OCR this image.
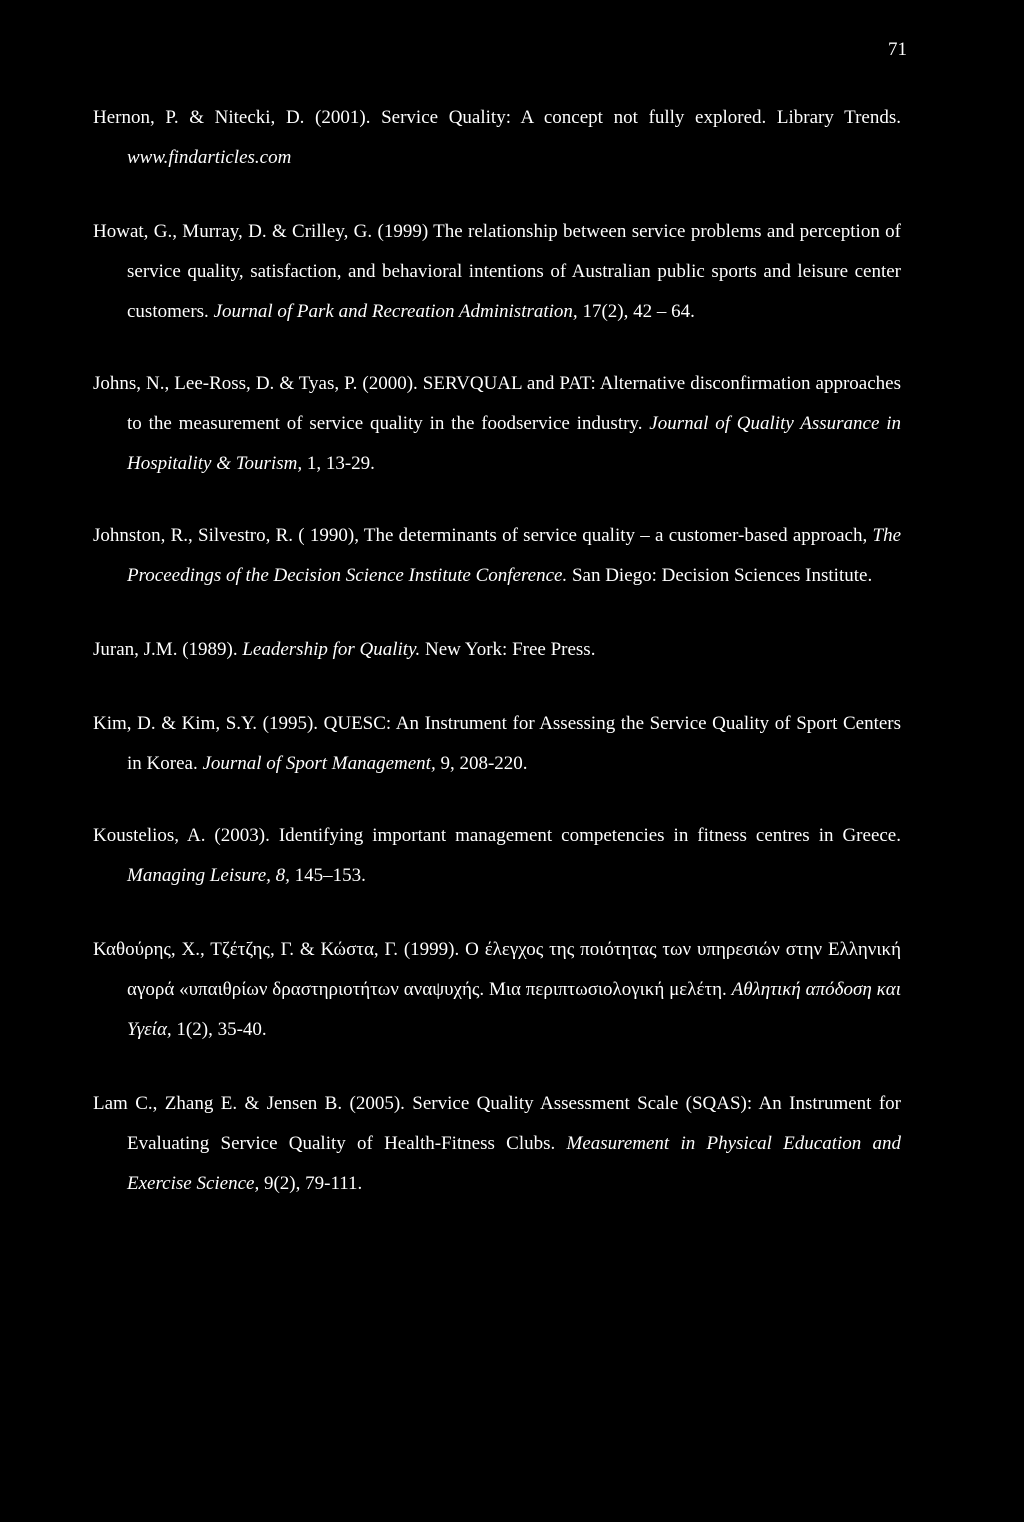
71

Hernon, P. & Nitecki, D. (2001). Service Quality: A concept not fully explored. Library Trends. www.findarticles.com

Howat, G., Murray, D. & Crilley, G. (1999) The relationship between service problems and perception of service quality, satisfaction, and behavioral intentions of Australian public sports and leisure center customers. Journal of Park and Recreation Administration, 17(2), 42 – 64.

Johns, N., Lee-Ross, D. & Tyas, P. (2000). SERVQUAL and PAT: Alternative disconfirmation approaches to the measurement of service quality in the foodservice industry. Journal of Quality Assurance in Hospitality & Tourism, 1, 13-29.

Johnston, R., Silvestro, R. ( 1990), The determinants of service quality – a customer-based approach, The Proceedings of the Decision Science Institute Conference. San Diego: Decision Sciences Institute.

Juran, J.M. (1989). Leadership for Quality. New York: Free Press.

Kim, D. & Kim, S.Y. (1995). QUESC: An Instrument for Assessing the Service Quality of Sport Centers in Korea. Journal of Sport Management, 9, 208-220.

Koustelios, A. (2003). Identifying important management competencies in fitness centres in Greece. Managing Leisure, 8, 145–153.

Καθούρης, Χ., Τζέτζης, Γ. & Κώστα, Γ. (1999). Ο έλεγχος της ποιότητας των υπηρεσιών στην Ελληνική αγορά «υπαιθρίων δραστηριοτήτων αναψυχής. Μια περιπτωσιολογική μελέτη. Αθλητική απόδοση και Υγεία, 1(2), 35-40.

Lam C., Zhang E. & Jensen B. (2005). Service Quality Assessment Scale (SQAS): An Instrument for Evaluating Service Quality of Health-Fitness Clubs. Measurement in Physical Education and Exercise Science, 9(2), 79-111.
